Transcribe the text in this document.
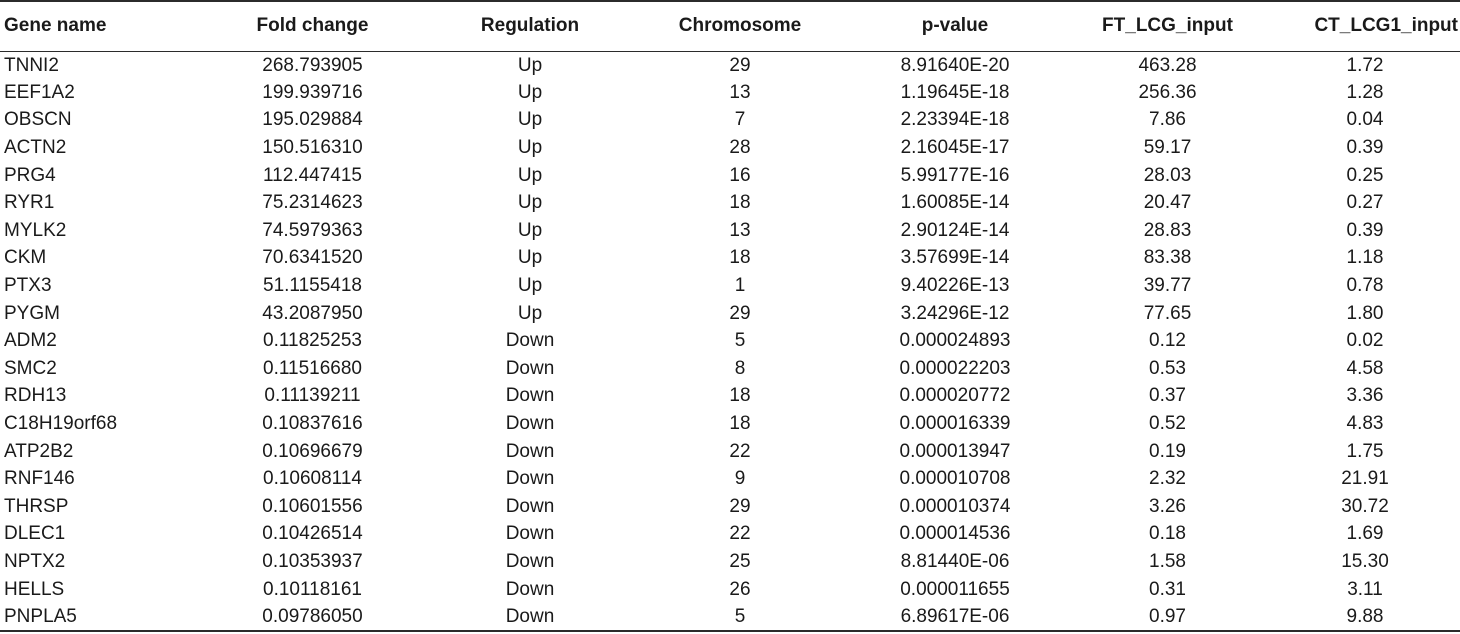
Gene name	Fold change	Regulation	Chromosome	p-value	FT_LCG_input	CT_LCG1_input
TNNI2	268.793905	Up	29	8.91640E-20	463.28	1.72
EEF1A2	199.939716	Up	13	1.19645E-18	256.36	1.28
OBSCN	195.029884	Up	7	2.23394E-18	7.86	0.04
ACTN2	150.516310	Up	28	2.16045E-17	59.17	0.39
PRG4	112.447415	Up	16	5.99177E-16	28.03	0.25
RYR1	75.2314623	Up	18	1.60085E-14	20.47	0.27
MYLK2	74.5979363	Up	13	2.90124E-14	28.83	0.39
CKM	70.6341520	Up	18	3.57699E-14	83.38	1.18
PTX3	51.1155418	Up	1	9.40226E-13	39.77	0.78
PYGM	43.2087950	Up	29	3.24296E-12	77.65	1.80
ADM2	0.11825253	Down	5	0.000024893	0.12	0.02
SMC2	0.11516680	Down	8	0.000022203	0.53	4.58
RDH13	0.11139211	Down	18	0.000020772	0.37	3.36
C18H19orf68	0.10837616	Down	18	0.000016339	0.52	4.83
ATP2B2	0.10696679	Down	22	0.000013947	0.19	1.75
RNF146	0.10608114	Down	9	0.000010708	2.32	21.91
THRSP	0.10601556	Down	29	0.000010374	3.26	30.72
DLEC1	0.10426514	Down	22	0.000014536	0.18	1.69
NPTX2	0.10353937	Down	25	8.81440E-06	1.58	15.30
HELLS	0.10118161	Down	26	0.000011655	0.31	3.11
PNPLA5	0.09786050	Down	5	6.89617E-06	0.97	9.88
